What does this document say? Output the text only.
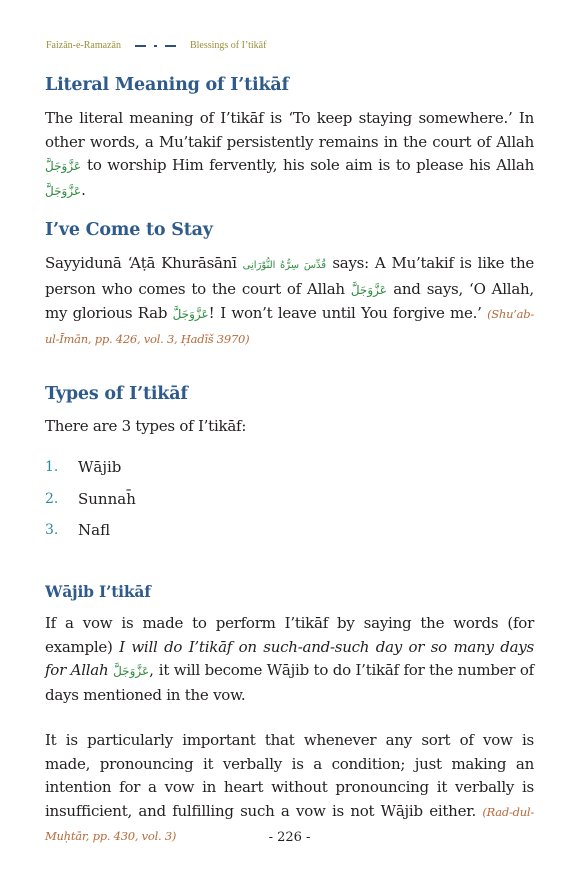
Faizān-e-Ramazān	Blessings of I’tikāf
Literal Meaning of I’tikāf

The literal meaning of I’tikāf is ‘To keep staying somewhere.’ In other words, a Mu’takif persistently remains in the court of Allah عَزَّوَجَلَّ to worship Him fervently, his sole aim is to please his Allah عَزَّوَجَلَّ.

I’ve Come to Stay

Sayyidunā ‘Aṭā Khurāsānī قُدِّسَ سِرُّهُ النُّوْرَانِى says: A Mu’takif is like the person who comes to the court of Allah عَزَّوَجَلَّ and says, ‘O Allah, my glorious Rab عَزَّوَجَلَّ! I won’t leave until You forgive me.’ (Shu’ab-ul-Īmān, pp. 426, vol. 3, Ḥadīš 3970)

Types of I’tikāf

There are 3 types of I’tikāf:

1.	Wājib
2.	Sunnah̄
3.	Nafl
Wājib I’tikāf

If a vow is made to perform I’tikāf by saying the words (for example) I will do I’tikāf on such-and-such day or so many days for Allah عَزَّوَجَلَّ, it will become Wājib to do I’tikāf for the number of days mentioned in the vow.

It is particularly important that whenever any sort of vow is made, pronouncing it verbally is a condition; just making an intention for a vow in heart without pronouncing it verbally is insufficient, and fulfilling such a vow is not Wājib either. (Rad-dul-Muḥtār, pp. 430, vol. 3)	- 226 -
